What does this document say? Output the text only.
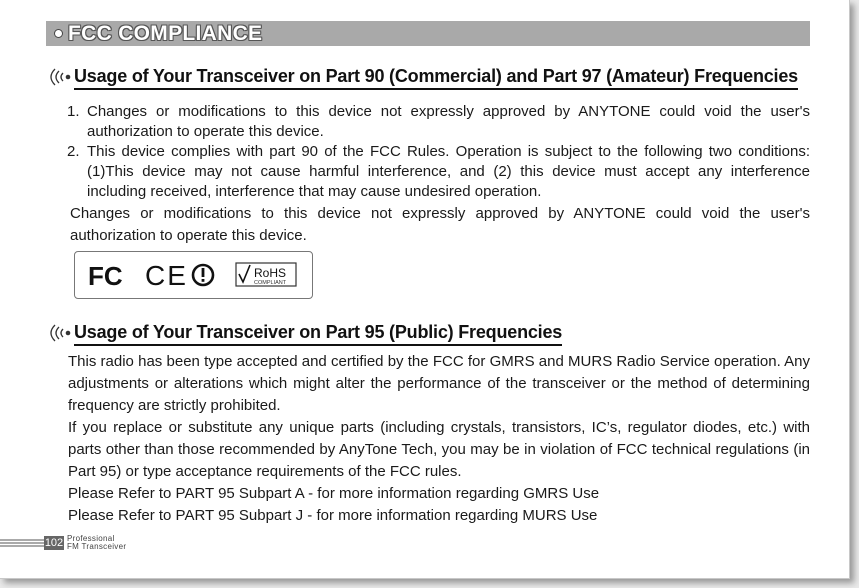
FCC COMPLIANCE
Usage of Your Transceiver on Part 90 (Commercial) and Part 97 (Amateur) Frequencies
1. Changes or modifications to this device not expressly approved by ANYTONE could void the user's authorization to operate this device.
2. This device complies with part 90 of the FCC Rules. Operation is subject to the following two conditions:(1)This device may not cause harmful interference, and (2) this device must accept any interference including received, interference that may cause undesired operation.
Changes or modifications to this device not expressly approved by ANYTONE could void the user's authorization to operate this device.
FC CE	RoHS
COMPLIANT
Usage of Your Transceiver on Part 95 (Public) Frequencies
This radio has been type accepted and certified by the FCC for GMRS and MURS Radio Service operation. Any adjustments or alterations which might alter the performance of the transceiver or the method of determining frequency are strictly prohibited.
If you replace or substitute any unique parts (including crystals, transistors, IC’s, regulator diodes, etc.) with parts other than those recommended by AnyTone Tech, you may be in violation of FCC technical regulations (in Part 95) or type acceptance requirements of the FCC rules.
Please Refer to PART 95 Subpart A - for more information regarding GMRS Use
Please Refer to PART 95 Subpart J - for more information regarding MURS Use
102 Professional
FM Transceiver
